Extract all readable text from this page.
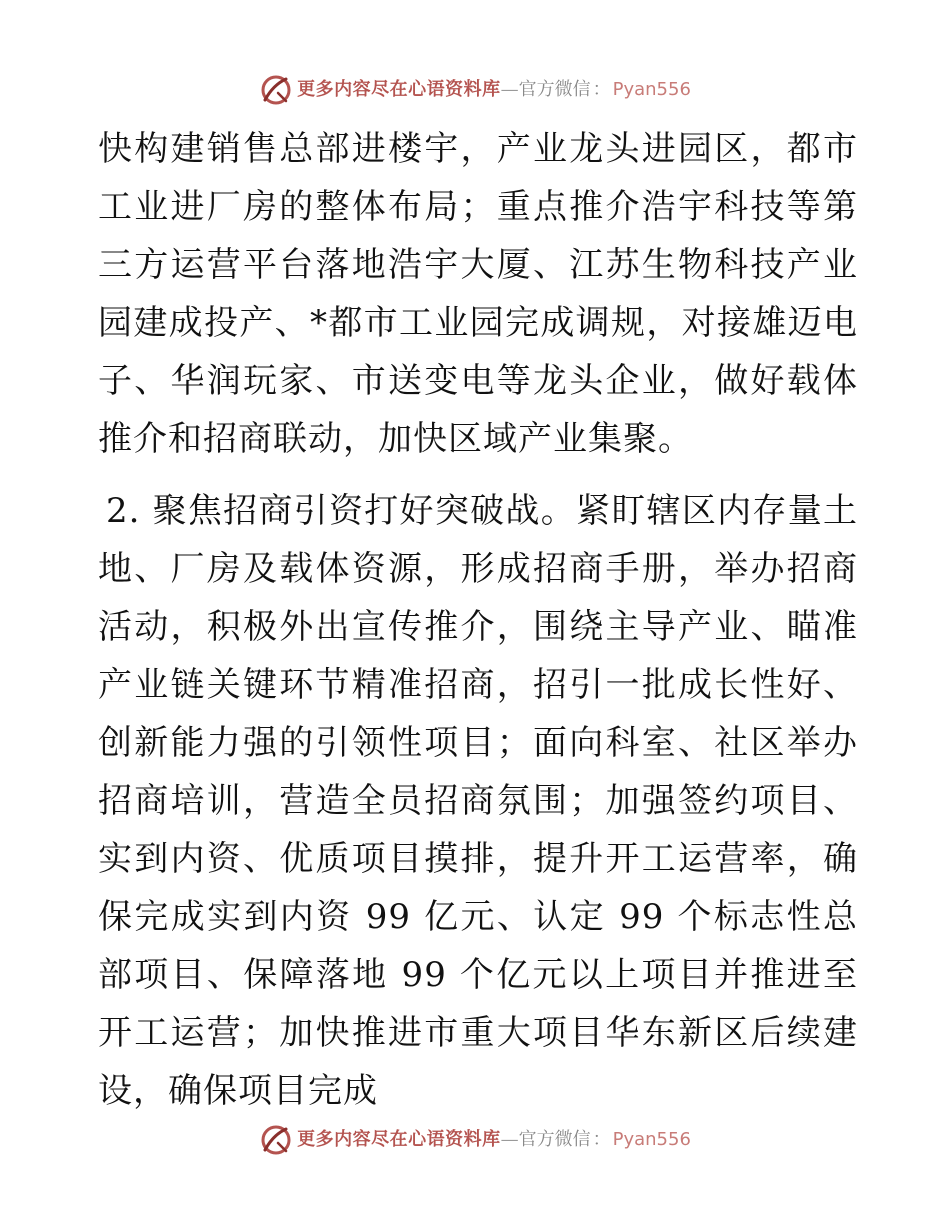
更多内容尽在心语资料库 — 官方微信 ： Pyan556

快构建销售总部进楼宇，产业龙头进园区，都市工业进厂房的整体布局；重点推介浩宇科技等第三方运营平台落地浩宇大厦、江苏生物科技产业园建成投产、*都市工业园完成调规，对接雄迈电子、华润玩家、市送变电等龙头企业，做好载体推介和招商联动，加快区域产业集聚。

2. 聚焦招商引资打好突破战。紧盯辖区内存量土地、厂房及载体资源，形成招商手册，举办招商活动，积极外出宣传推介，围绕主导产业、瞄准产业链关键环节精准招商，招引一批成长性好、创新能力强的引领性项目；面向科室、社区举办招商培训，营造全员招商氛围；加强签约项目、实到内资、优质项目摸排，提升开工运营率，确保完成实到内资 99 亿元、认定 99 个标志性总部项目、保障落地 99 个亿元以上项目并推进至开工运营；加快推进市重大项目华东新区后续建设，确保项目完成

更多内容尽在心语资料库 — 官方微信 ： Pyan556
